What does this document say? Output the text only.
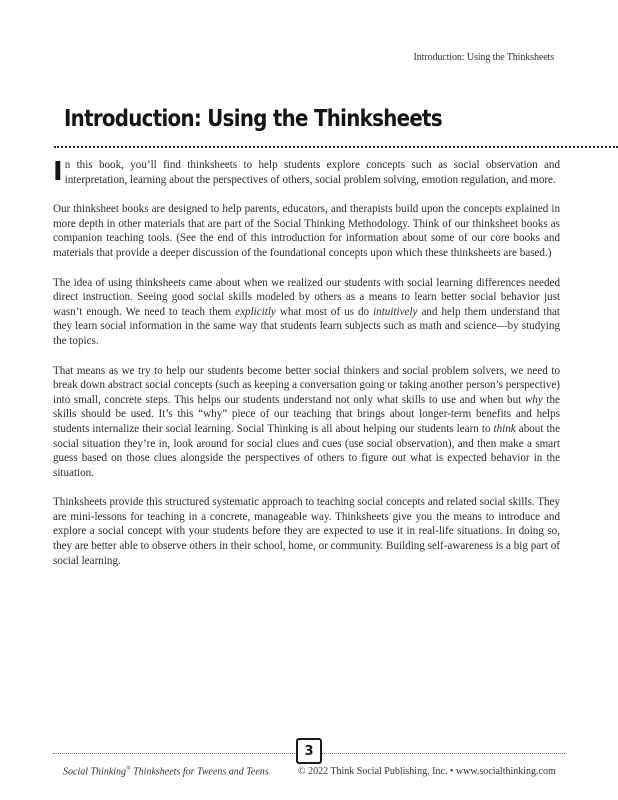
Introduction: Using the Thinksheets
Introduction: Using the Thinksheets

In this book, you’ll find thinksheets to help students explore concepts such as social observation and interpretation, learning about the perspectives of others, social problem solving, emotion regulation, and more.

Our thinksheet books are designed to help parents, educators, and therapists build upon the concepts explained in more depth in other materials that are part of the Social Thinking Methodology. Think of our thinksheet books as companion teaching tools. (See the end of this introduction for information about some of our core books and materials that provide a deeper discussion of the foundational concepts upon which these thinksheets are based.)

The idea of using thinksheets came about when we realized our students with social learning differences needed direct instruction. Seeing good social skills modeled by others as a means to learn better social behavior just wasn’t enough. We need to teach them explicitly what most of us do intuitively and help them understand that they learn social information in the same way that students learn subjects such as math and science—by studying the topics.

That means as we try to help our students become better social thinkers and social problem solvers, we need to break down abstract social concepts (such as keeping a conversation going or taking another person’s perspective) into small, concrete steps. This helps our students understand not only what skills to use and when but why the skills should be used. It’s this “why” piece of our teaching that brings about longer-term benefits and helps students internalize their social learning. Social Thinking is all about helping our students learn to think about the social situation they’re in, look around for social clues and cues (use social observation), and then make a smart guess based on those clues alongside the perspectives of others to figure out what is expected behavior in the situation.

Thinksheets provide this structured systematic approach to teaching social concepts and related social skills. They are mini-lessons for teaching in a concrete, manageable way. Thinksheets give you the means to introduce and explore a social concept with your students before they are expected to use it in real-life situations. In doing so, they are better able to observe others in their school, home, or community. Building self-awareness is a big part of social learning.

3
Social Thinking® Thinksheets for Tweens and Teens	© 2022 Think Social Publishing, Inc. • www.socialthinking.com
